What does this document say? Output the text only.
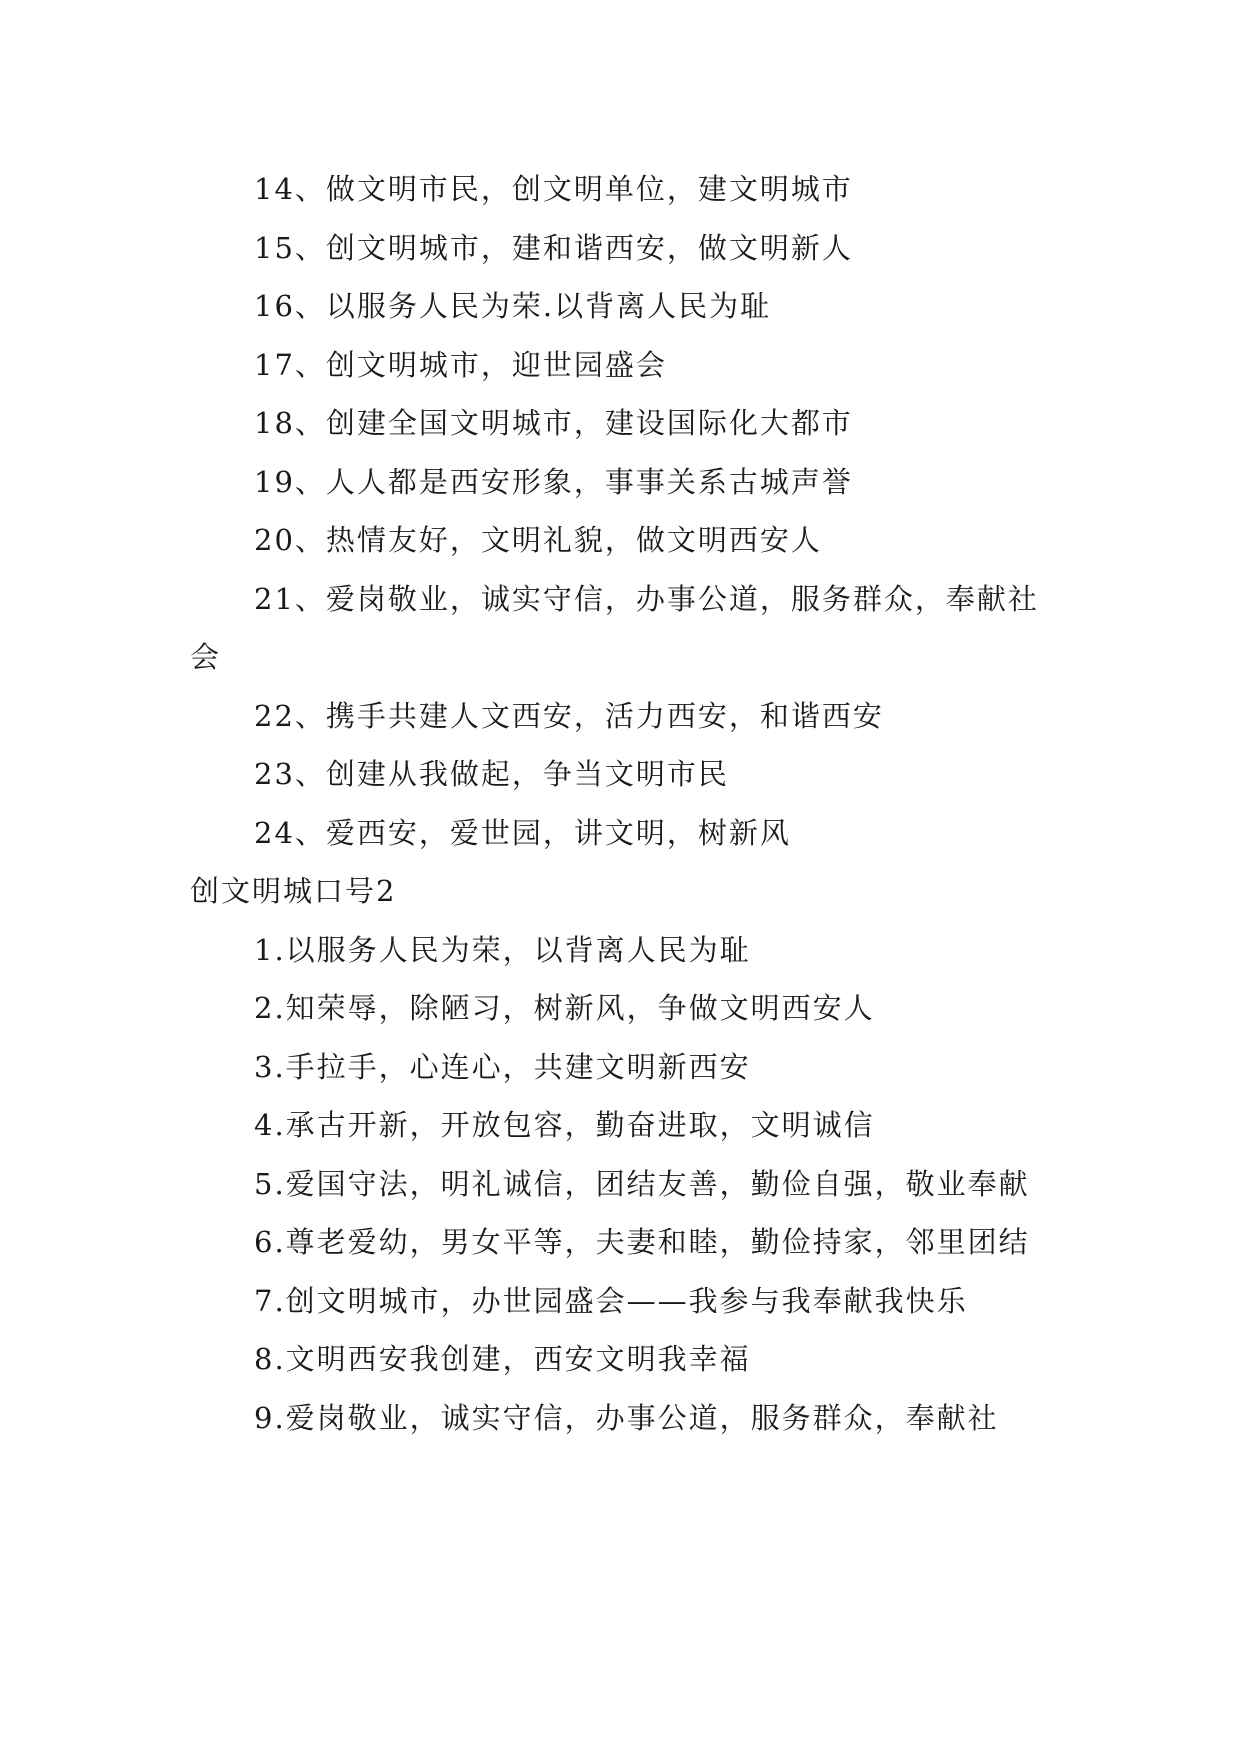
14、做文明市民，创文明单位，建文明城市

15、创文明城市，建和谐西安，做文明新人

16、以服务人民为荣.以背离人民为耻

17、创文明城市，迎世园盛会

18、创建全国文明城市，建设国际化大都市

19、人人都是西安形象，事事关系古城声誉

20、热情友好，文明礼貌，做文明西安人

21、爱岗敬业，诚实守信，办事公道，服务群众，奉献社会

22、携手共建人文西安，活力西安，和谐西安

23、创建从我做起，争当文明市民

24、爱西安，爱世园，讲文明，树新风

创文明城口号2

1.以服务人民为荣，以背离人民为耻

2.知荣辱，除陋习，树新风，争做文明西安人

3.手拉手，心连心，共建文明新西安

4.承古开新，开放包容，勤奋进取，文明诚信

5.爱国守法，明礼诚信，团结友善，勤俭自强，敬业奉献

6.尊老爱幼，男女平等，夫妻和睦，勤俭持家，邻里团结

7.创文明城市，办世园盛会——我参与我奉献我快乐

8.文明西安我创建，西安文明我幸福

9.爱岗敬业，诚实守信，办事公道，服务群众，奉献社
